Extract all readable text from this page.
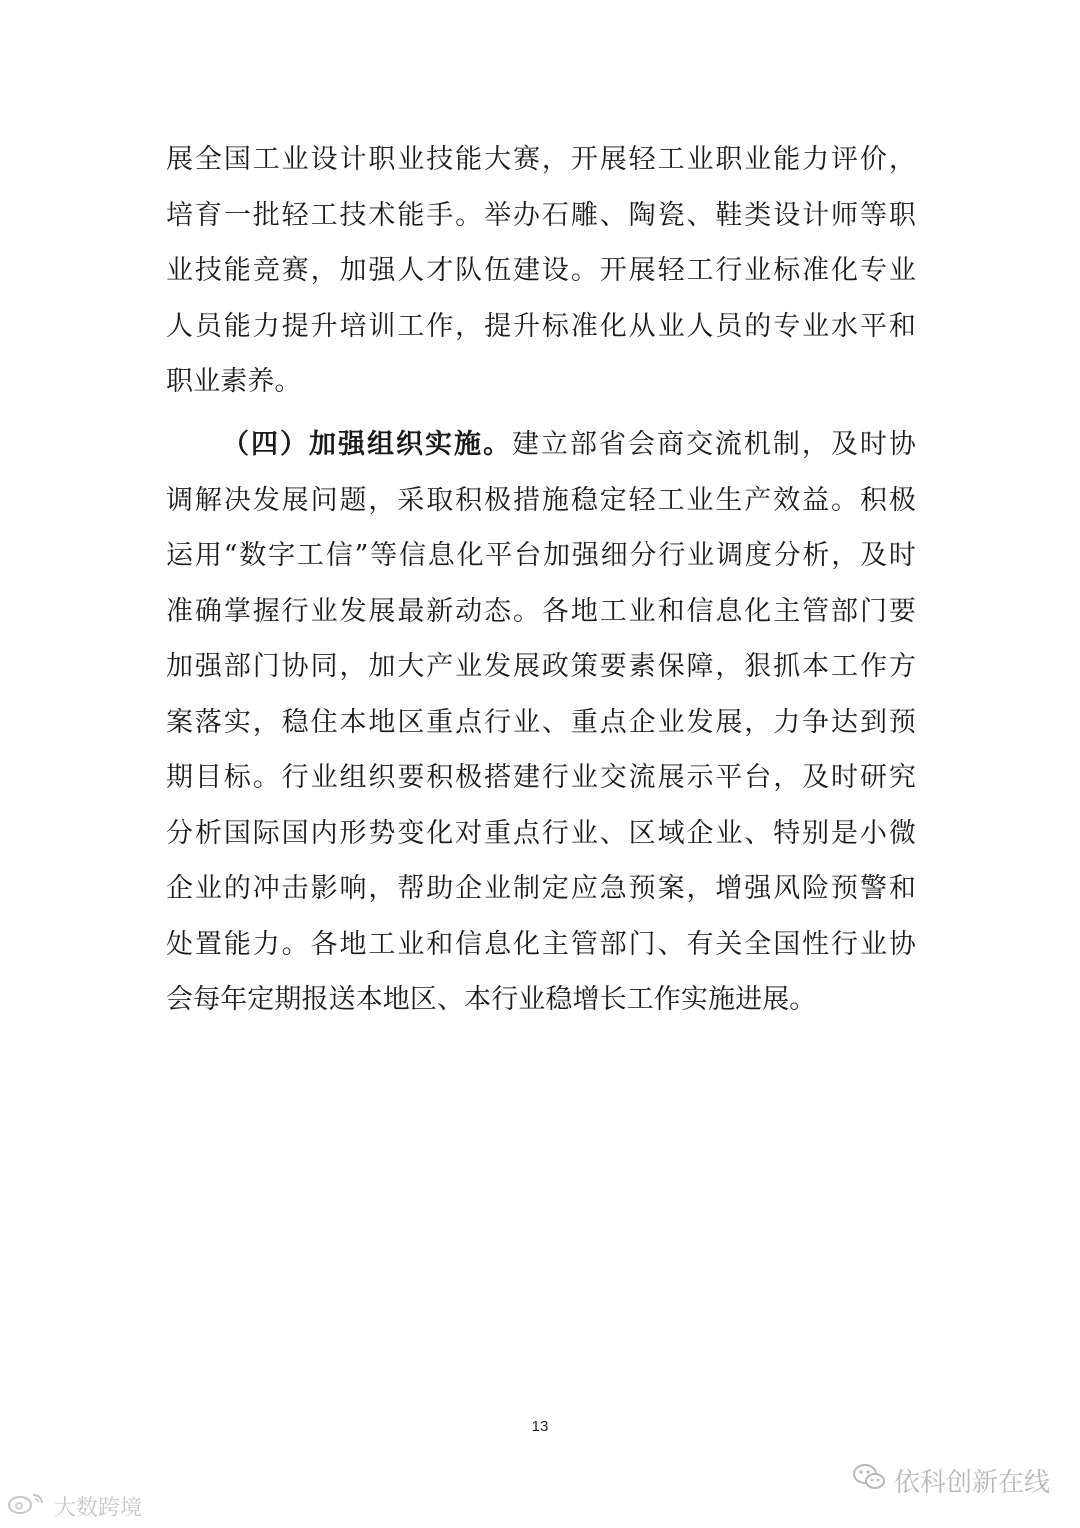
展全国工业设计职业技能大赛，开展轻工业职业能力评价，
培育一批轻工技术能手。举办石雕、陶瓷、鞋类设计师等职
业技能竞赛，加强人才队伍建设。开展轻工行业标准化专业
人员能力提升培训工作，提升标准化从业人员的专业水平和
职业素养。
（四）加强组织实施。建立部省会商交流机制，及时协
调解决发展问题，采取积极措施稳定轻工业生产效益。积极
运用“数字工信”等信息化平台加强细分行业调度分析，及时
准确掌握行业发展最新动态。各地工业和信息化主管部门要
加强部门协同，加大产业发展政策要素保障，狠抓本工作方
案落实，稳住本地区重点行业、重点企业发展，力争达到预
期目标。行业组织要积极搭建行业交流展示平台，及时研究
分析国际国内形势变化对重点行业、区域企业、特别是小微
企业的冲击影响，帮助企业制定应急预案，增强风险预警和
处置能力。各地工业和信息化主管部门、有关全国性行业协
会每年定期报送本地区、本行业稳增长工作实施进展。
13
依科创新在线
大数跨境
